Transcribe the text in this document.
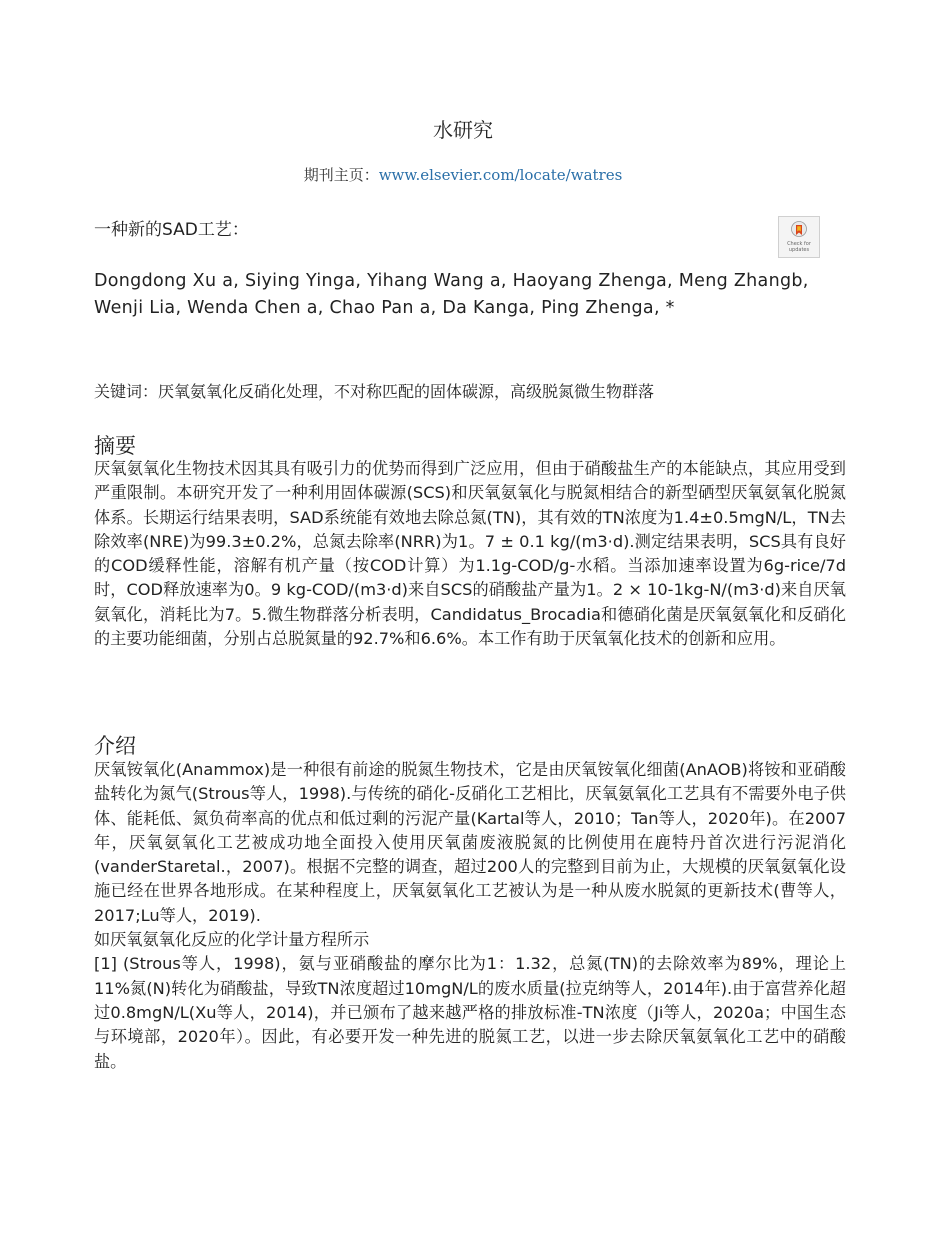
水研究
期刊主页：www.elsevier.com/locate/watres
一种新的SAD工艺：
Check for updates
Dongdong Xu a, Siying Yinga, Yihang Wang a, Haoyang Zhenga, Meng Zhangb, Wenji Lia, Wenda Chen a, Chao Pan a, Da Kanga, Ping Zhenga, *
关键词：厌氧氨氧化反硝化处理，不对称匹配的固体碳源，高级脱氮微生物群落
摘要

厌氧氨氧化生物技术因其具有吸引力的优势而得到广泛应用，但由于硝酸盐生产的本能缺点，其应用受到严重限制。本研究开发了一种利用固体碳源(SCS)和厌氧氨氧化与脱氮相结合的新型硒型厌氧氨氧化脱氮体系。长期运行结果表明，SAD系统能有效地去除总氮(TN)，其有效的TN浓度为1.4±0.5mgN/L，TN去除效率(NRE)为99.3±0.2%，总氮去除率(NRR)为1。7 ± 0.1 kg/(m3·d).测定结果表明，SCS具有良好的COD缓释性能，溶解有机产量（按COD计算）为1.1g-COD/g-水稻。当添加速率设置为6g-rice/7d时，COD释放速率为0。9 kg-COD/(m3·d)来自SCS的硝酸盐产量为1。2 × 10-1kg-N/(m3·d)来自厌氧氨氧化，消耗比为7。5.微生物群落分析表明，Candidatus_Brocadia和德硝化菌是厌氧氨氧化和反硝化的主要功能细菌，分别占总脱氮量的92.7%和6.6%。本工作有助于厌氧氧化技术的创新和应用。

介绍

厌氧铵氧化(Anammox)是一种很有前途的脱氮生物技术，它是由厌氧铵氧化细菌(AnAOB)将铵和亚硝酸盐转化为氮气(Strous等人，1998).与传统的硝化-反硝化工艺相比，厌氧氨氧化工艺具有不需要外电子供体、能耗低、氮负荷率高的优点和低过剩的污泥产量(Kartal等人，2010；Tan等人，2020年)。在2007年，厌氧氨氧化工艺被成功地全面投入使用厌氧菌废液脱氮的比例使用在鹿特丹首次进行污泥消化(vanderStaretal.，2007)。根据不完整的调查，超过200人的完整到目前为止，大规模的厌氧氨氧化设施已经在世界各地形成。在某种程度上，厌氧氨氧化工艺被认为是一种从废水脱氮的更新技术(曹等人，2017;Lu等人，2019).

如厌氧氨氧化反应的化学计量方程所示

[1] (Strous等人，1998)，氨与亚硝酸盐的摩尔比为1：1.32，总氮(TN)的去除效率为89%，理论上11%氮(N)转化为硝酸盐，导致TN浓度超过10mgN/L的废水质量(拉克纳等人，2014年).由于富营养化超过0.8mgN/L(Xu等人，2014)，并已颁布了越来越严格的排放标准-TN浓度（Ji等人，2020a；中国生态与环境部，2020年）。因此，有必要开发一种先进的脱氮工艺，以进一步去除厌氧氨氧化工艺中的硝酸盐。
